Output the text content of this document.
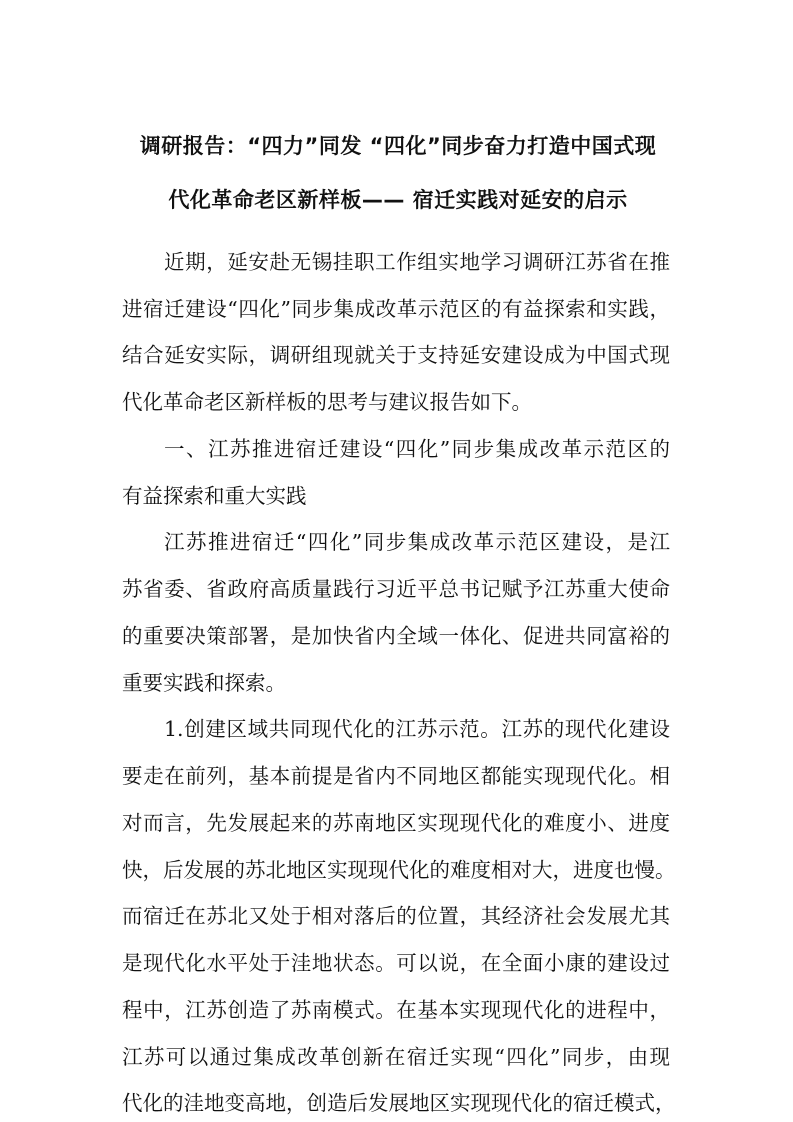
调研报告：“四力”同发 “四化”同步奋力打造中国式现
代化革命老区新样板—— 宿迁实践对延安的启示
近期，延安赴无锡挂职工作组实地学习调研江苏省在推
进宿迁建设“四化”同步集成改革示范区的有益探索和实践，
结合延安实际，调研组现就关于支持延安建设成为中国式现
代化革命老区新样板的思考与建议报告如下。
一、江苏推进宿迁建设“四化”同步集成改革示范区的
有益探索和重大实践
江苏推进宿迁“四化”同步集成改革示范区建设，是江
苏省委、省政府高质量践行习近平总书记赋予江苏重大使命
的重要决策部署，是加快省内全域一体化、促进共同富裕的
重要实践和探索。
1.创建区域共同现代化的江苏示范。江苏的现代化建设
要走在前列，基本前提是省内不同地区都能实现现代化。相
对而言，先发展起来的苏南地区实现现代化的难度小、进度
快，后发展的苏北地区实现现代化的难度相对大，进度也慢。
而宿迁在苏北又处于相对落后的位置，其经济社会发展尤其
是现代化水平处于洼地状态。可以说，在全面小康的建设过
程中，江苏创造了苏南模式。在基本实现现代化的进程中，
江苏可以通过集成改革创新在宿迁实现“四化”同步，由现
代化的洼地变高地，创造后发展地区实现现代化的宿迁模式，
